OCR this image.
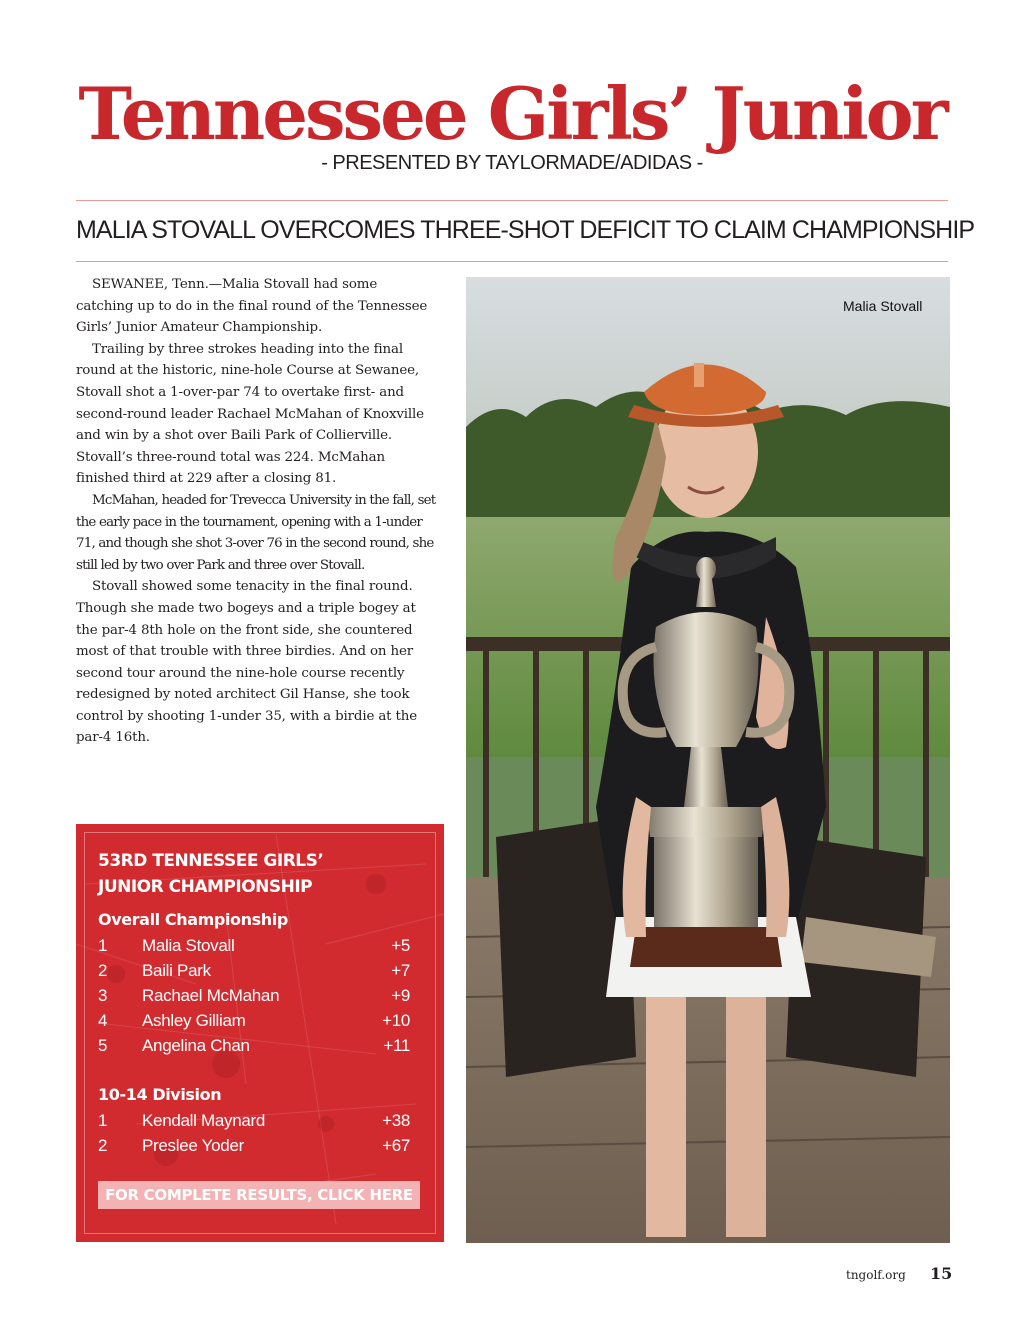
Tennessee Girls’ Junior
- PRESENTED BY TAYLORMADE/ADIDAS -
MALIA STOVALL OVERCOMES THREE-SHOT DEFICIT TO CLAIM CHAMPIONSHIP

SEWANEE, Tenn.—Malia Stovall had some catching up to do in the final round of the Tennessee Girls’ Junior Amateur Championship.

Trailing by three strokes heading into the final round at the historic, nine-hole Course at Sewanee, Stovall shot a 1-over-par 74 to overtake first- and second-round leader Rachael McMahan of Knoxville and win by a shot over Baili Park of Collierville. Stovall’s three-round total was 224. McMahan finished third at 229 after a closing 81.

McMahan, headed for Trevecca University in the fall, set the early pace in the tournament, opening with a 1-under 71, and though she shot 3-over 76 in the second round, she still led by two over Park and three over Stovall.

Stovall showed some tenacity in the final round. Though she made two bogeys and a triple bogey at the par-4 8th hole on the front side, she countered most of that trouble with three birdies. And on her second tour around the nine-hole course recently redesigned by noted architect Gil Hanse, she took control by shooting 1-under 35, with a birdie at the par-4 16th.

53RD TENNESSEE GIRLS’
JUNIOR CHAMPIONSHIP
Overall Championship
1 Malia Stovall	+5
2 Baili Park	+7
3 Rachael McMahan	+9
4 Ashley Gilliam	+10
5 Angelina Chan	+11
10-14 Division
1 Kendall Maynard	+38
2 Preslee Yoder	+67
FOR COMPLETE RESULTS, CLICK HERE
Malia Stovall
tngolf.org 15
